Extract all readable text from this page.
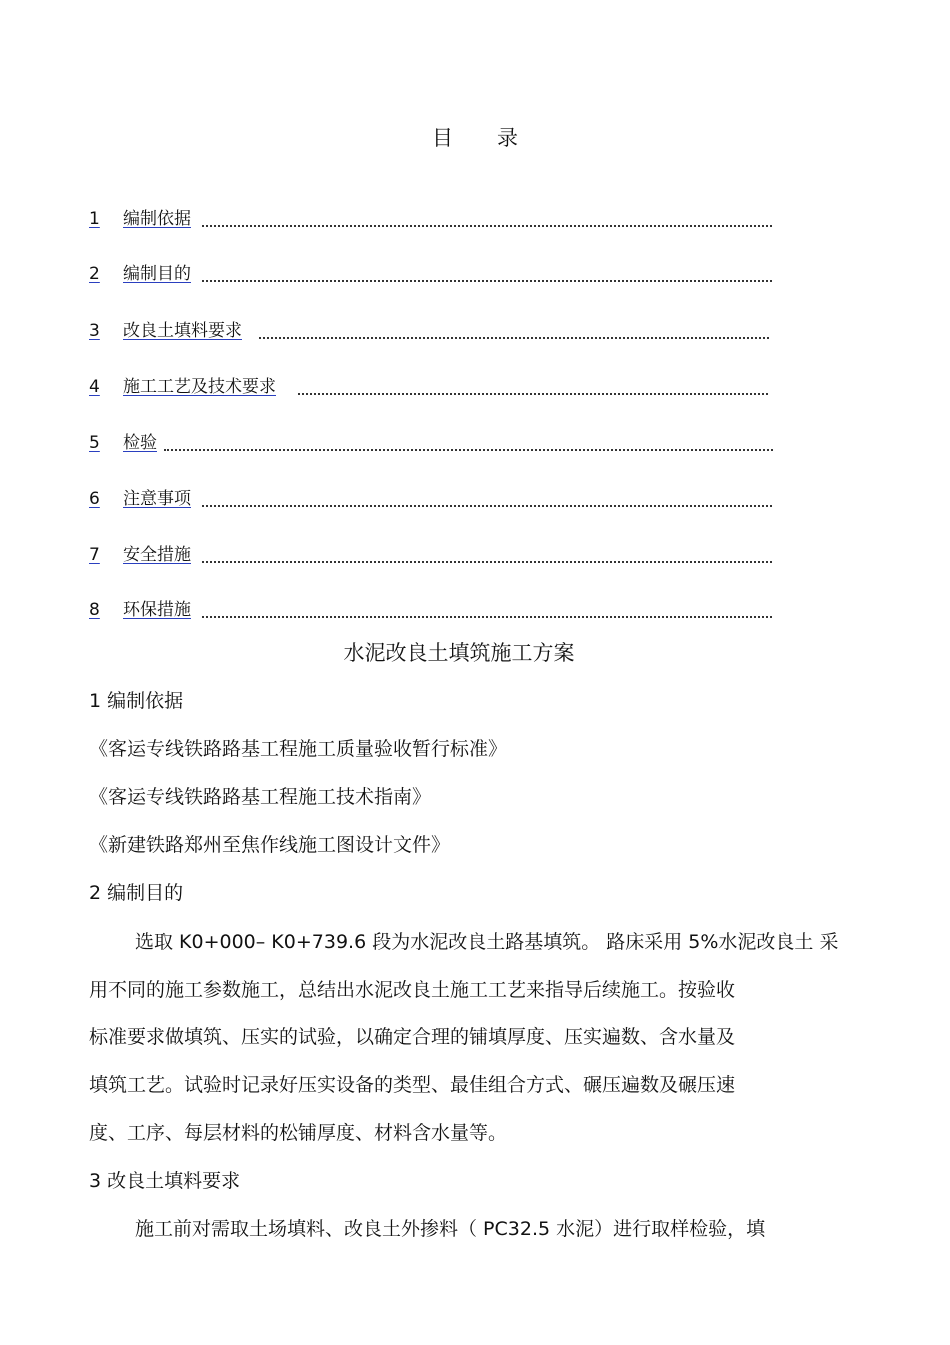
目录
1 编制依据
2 编制目的
3 改良土填料要求
4 施工工艺及技术要求
5 检验
6 注意事项
7 安全措施
8 环保措施
水泥改良土填筑施工方案
1 编制依据
《客运专线铁路路基工程施工质量验收暂行标准》
《客运专线铁路路基工程施工技术指南》
《新建铁路郑州至焦作线施工图设计文件》
2 编制目的
选取 K0+000– K0+739.6 段为水泥改良土路基填筑。 路床采用 5%水泥改良土 采
用不同的施工参数施工，总结出水泥改良土施工工艺来指导后续施工。按验收
标准要求做填筑、压实的试验，以确定合理的铺填厚度、压实遍数、含水量及
填筑工艺。试验时记录好压实设备的类型、最佳组合方式、碾压遍数及碾压速
度、工序、每层材料的松铺厚度、材料含水量等。
3 改良土填料要求
施工前对需取土场填料、改良土外掺料（ PC32.5 水泥）进行取样检验，填
